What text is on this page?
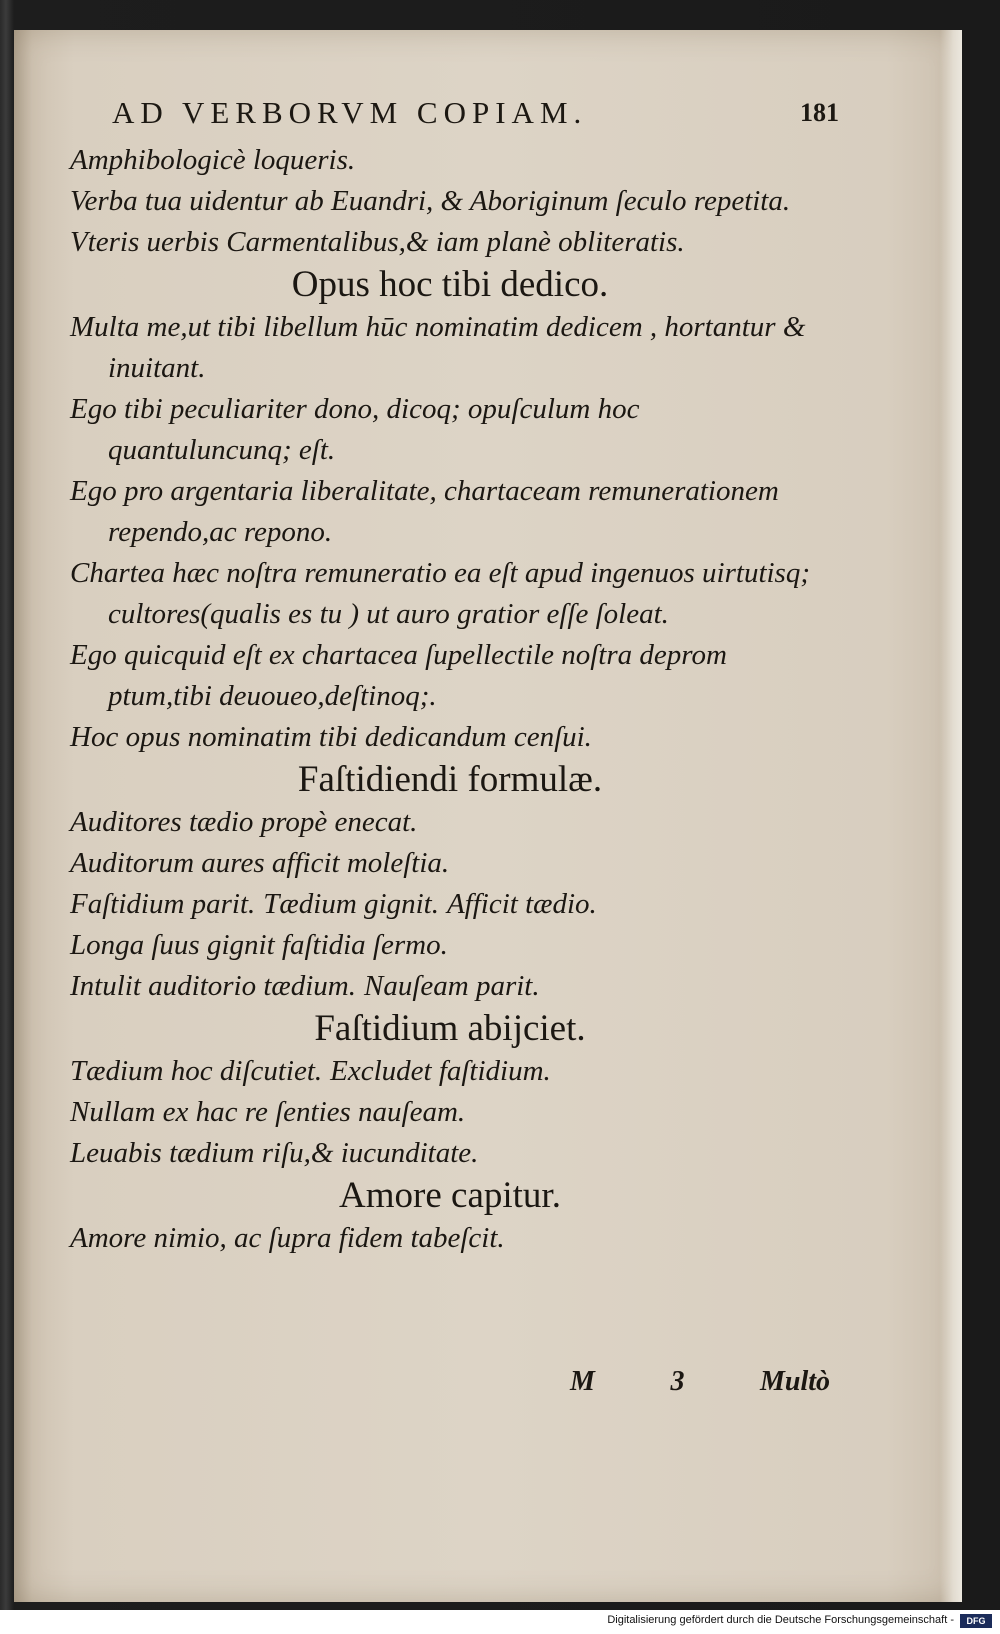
AD VERBORVM COPIAM.	181

Amphibologicè loqueris.

Verba tua uidentur ab Euandri, & Aboriginum ſeculo repetita.

Vteris uerbis Carmentalibus,& iam planè obliteratis.

Opus hoc tibi dedico.

Multa me,ut tibi libellum hūc nominatim dedicem , hortantur & inuitant.

Ego tibi peculiariter dono, dicoq; opuſculum hoc quantuluncunq; eſt.

Ego pro argentaria liberalitate, chartaceam remunerationem rependo,ac repono.

Chartea hæc noſtra remuneratio ea eſt apud ingenuos uirtutisq; cultores(qualis es tu ) ut auro gratior eſſe ſoleat.

Ego quicquid eſt ex chartacea ſupellectile noſtra deprom ptum,tibi deuoueo,deſtinoq;.

Hoc opus nominatim tibi dedicandum cenſui.

Faſtidiendi formulæ.

Auditores tædio propè enecat.

Auditorum aures afficit moleſtia.

Faſtidium parit. Tædium gignit. Afficit tædio.

Longa ſuus gignit faſtidia ſermo.

Intulit auditorio tædium. Nauſeam parit.

Faſtidium abijciet.

Tædium hoc diſcutiet. Excludet faſtidium.

Nullam ex hac re ſenties nauſeam.

Leuabis tædium riſu,& iucunditate.

Amore capitur.

Amore nimio, ac ſupra fidem tabeſcit.

M	3	Multò
Digitalisierung gefördert durch die Deutsche Forschungsgemeinschaft -	DFG
